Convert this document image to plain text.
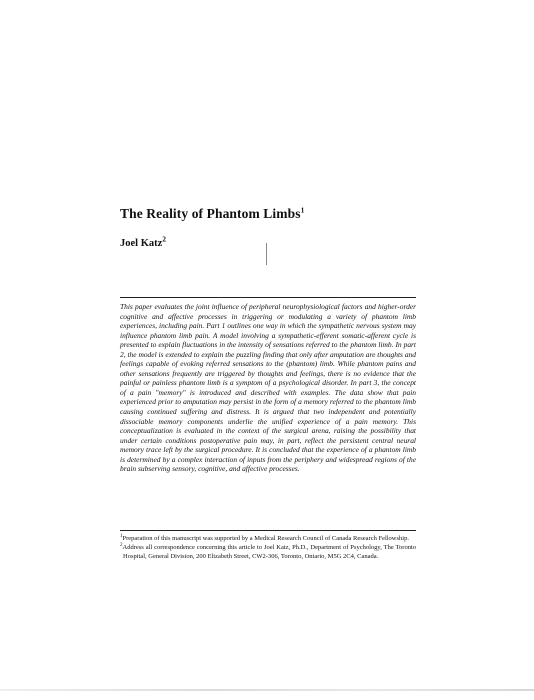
The Reality of Phantom Limbs$^1$
Joel Katz$^2$

This paper evaluates the joint influence of peripheral neurophysiological factors and higher-order cognitive and affective processes in triggering or modulating a variety of phantom limb experiences, including pain. Part 1 outlines one way in which the sympathetic nervous system may influence phantom limb pain. A model involving a sympathetic-efferent somatic-afferent cycle is presented to explain fluctuations in the intensity of sensations referred to the phantom limb. In part 2, the model is extended to explain the puzzling finding that only after amputation are thoughts and feelings capable of evoking referred sensations to the (phantom) limb. While phantom pains and other sensations frequently are triggered by thoughts and feelings, there is no evidence that the painful or painless phantom limb is a symptom of a psychological disorder. In part 3, the concept of a pain "memory" is introduced and described with examples. The data show that pain experienced prior to amputation may persist in the form of a memory referred to the phantom limb causing continued suffering and distress. It is argued that two independent and potentially dissociable memory components underlie the unified experience of a pain memory. This conceptualization is evaluated in the context of the surgical arena, raising the possibility that under certain conditions postoperative pain may, in part, reflect the persistent central neural memory trace left by the surgical procedure. It is concluded that the experience of a phantom limb is determined by a complex interaction of inputs from the periphery and widespread regions of the brain subserving sensory, cognitive, and affective processes.

$^1$Preparation of this manuscript was supported by a Medical Research Council of Canada Research Fellowship.

$^2$Address all correspondence concerning this article to Joel Katz, Ph.D., Department of Psychology, The Toronto Hospital, General Division, 200 Elizabeth Street, CW2-306, Toronto, Ontario, M5G 2C4, Canada.
